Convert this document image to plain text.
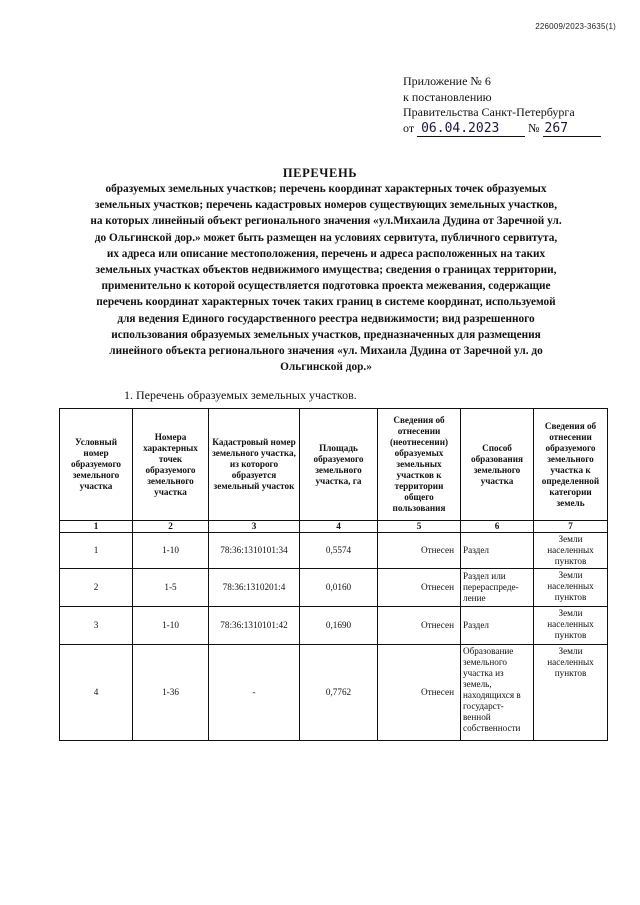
226009/2023-3635(1)
Приложение № 6
к постановлению
Правительства Санкт-Петербурга
от 06.04.2023 № 267
ПЕРЕЧЕНЬ
образуемых земельных участков; перечень координат характерных точек образуемых земельных участков; перечень кадастровых номеров существующих земельных участков, на которых линейный объект регионального значения «ул.Михаила Дудина от Заречной ул. до Ольгинской дор.» может быть размещен на условиях сервитута, публичного сервитута, их адреса или описание местоположения, перечень и адреса расположенных на таких земельных участках объектов недвижимого имущества; сведения о границах территории, применительно к которой осуществляется подготовка проекта межевания, содержащие перечень координат характерных точек таких границ в системе координат, используемой для ведения Единого государственного реестра недвижимости; вид разрешенного использования образуемых земельных участков, предназначенных для размещения линейного объекта регионального значения «ул. Михаила Дудина от Заречной ул. до Ольгинской дор.»
1. Перечень образуемых земельных участков.
Условный номер образуемого земельного участка	Номера характерных точек образуемого земельного участка	Кадастровый номер земельного участка, из которого образуется земельный участок	Площадь образуемого земельного участка, га	Сведения об отнесении (неотнесении) образуемых земельных участков к территории общего пользования	Способ образования земельного участка	Сведения об отнесении образуемого земельного участка к определенной категории земель
1	2	3	4	5	6	7
1	1-10	78:36:1310101:34	0,5574	Отнесен	Раздел	Земли населенных пунктов
2	1-5	78:36:1310201:4	0,0160	Отнесен	Раздел или перераспреде-ление	Земли населенных пунктов
3	1-10	78:36:1310101:42	0,1690	Отнесен	Раздел	Земли населенных пунктов
4	1-36	-	0,7762	Отнесен	Образование земельного участка из земель, находящихся в государст-венной собственности	Земли населенных пунктов
